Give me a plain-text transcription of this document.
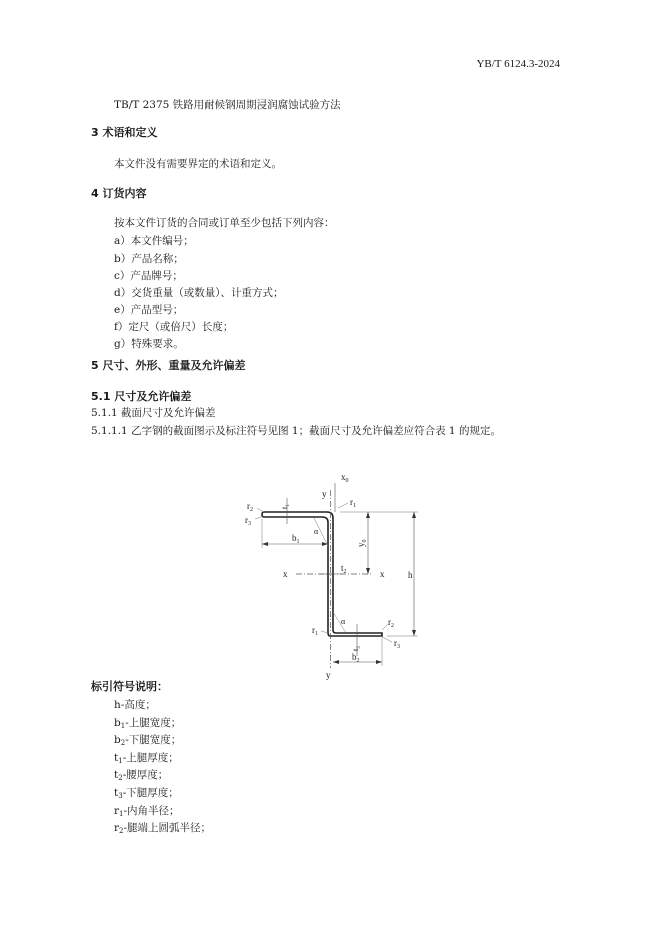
YB/T 6124.3-2024
TB/T 2375 铁路用耐候钢周期浸润腐蚀试验方法
3 术语和定义
本文件没有需要界定的术语和定义。
4 订货内容
按本文件订货的合同或订单至少包括下列内容：
a）本文件编号；
b）产品名称；
c）产品牌号；
d）交货重量（或数量）、计重方式；
e）产品型号；
f）定尺（或倍尺）长度；
g）特殊要求。
5 尺寸、外形、重量及允许偏差
5.1 尺寸及允许偏差
5.1.1 截面尺寸及允许偏差
5.1.1.1 乙字钢的截面图示及标注符号见图 1；截面尺寸及允许偏差应符合表 1 的规定。
$x_0$
y
y
x	x	h
$y_0$
α
α
$b_1$
$b_2$
$t_1$
$t_2$
$t_3$
$r_1$
$r_1$
$r_2$
$r_2$
$r_3$
$r_3$
标引符号说明：
h-高度；
$b_1-$上腿宽度；
$b_2-$下腿宽度；
$t_1-$上腿厚度；
$t_2-$腰厚度；
$t_3-$下腿厚度；
$r_1-$内角半径；
$r_2-$腿端上圆弧半径；
